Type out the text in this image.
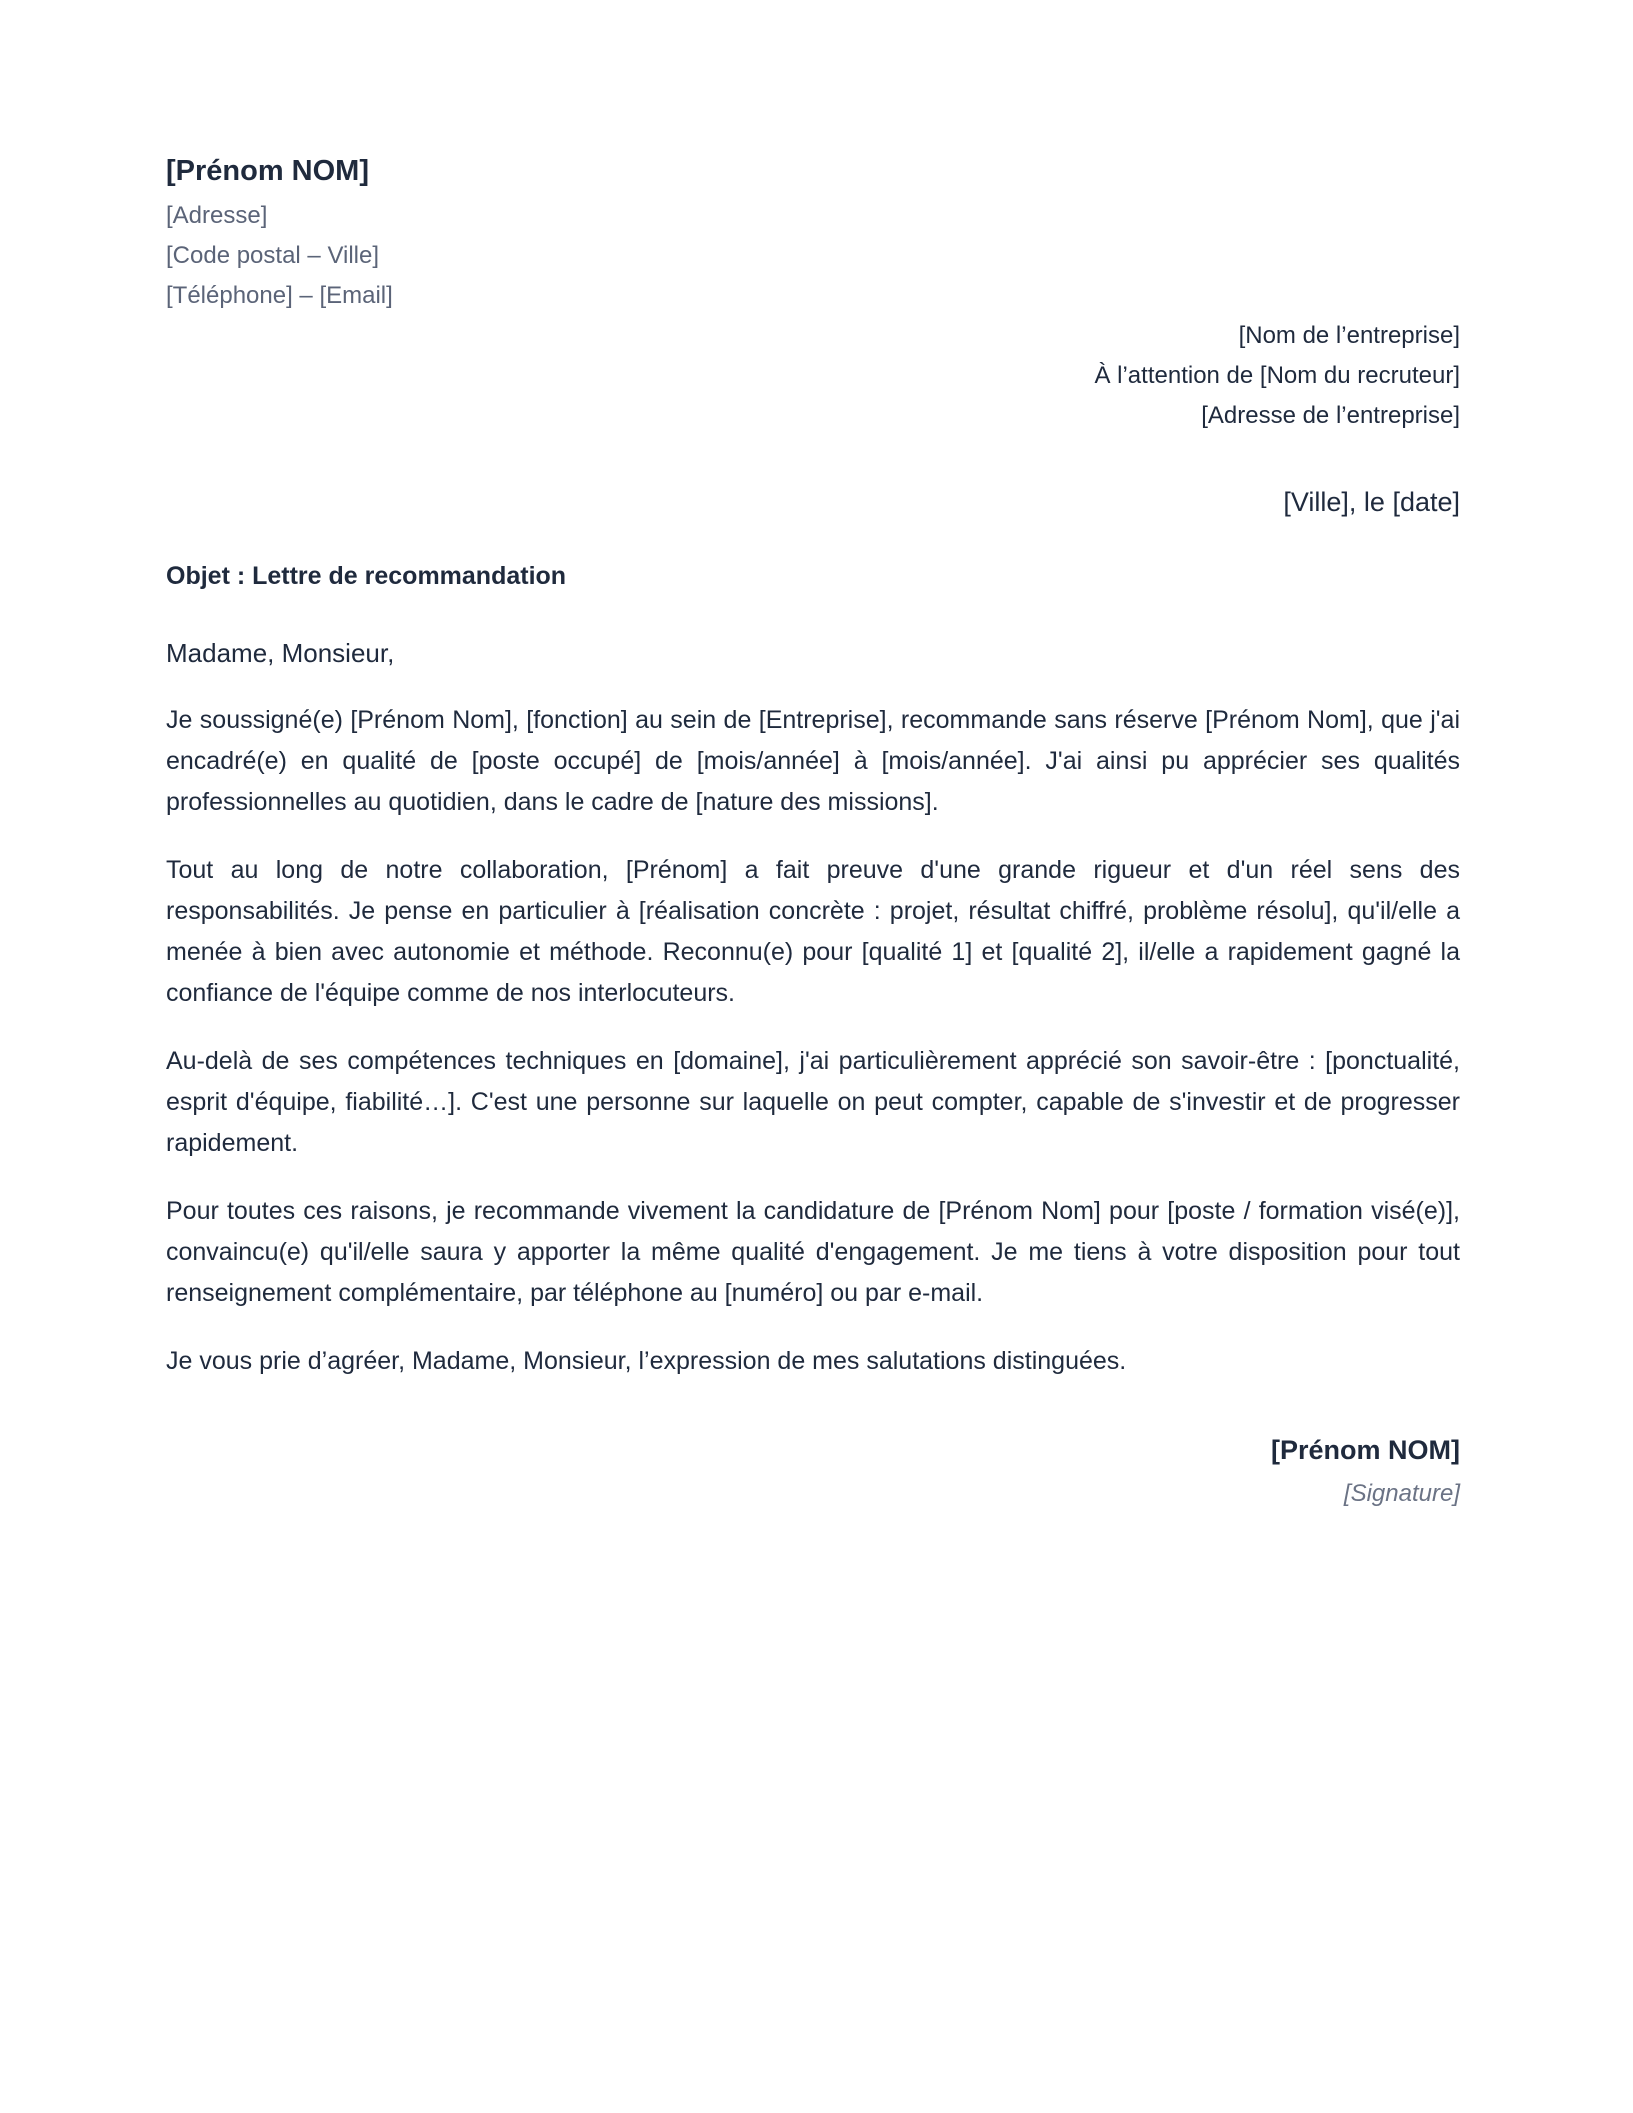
[Prénom NOM]
[Adresse]
[Code postal – Ville]
[Téléphone] – [Email]
[Nom de l’entreprise]
À l’attention de [Nom du recruteur]
[Adresse de l’entreprise]
[Ville], le [date]
Objet : Lettre de recommandation
Madame, Monsieur,

Je soussigné(e) [Prénom Nom], [fonction] au sein de [Entreprise], recommande sans réserve [Prénom Nom], que j'ai encadré(e) en qualité de [poste occupé] de [mois/année] à [mois/année]. J'ai ainsi pu apprécier ses qualités professionnelles au quotidien, dans le cadre de [nature des missions].

Tout au long de notre collaboration, [Prénom] a fait preuve d'une grande rigueur et d'un réel sens des responsabilités. Je pense en particulier à [réalisation concrète : projet, résultat chiffré, problème résolu], qu'il/elle a menée à bien avec autonomie et méthode. Reconnu(e) pour [qualité 1] et [qualité 2], il/elle a rapidement gagné la confiance de l'équipe comme de nos interlocuteurs.

Au-delà de ses compétences techniques en [domaine], j'ai particulièrement apprécié son savoir-être : [ponctualité, esprit d'équipe, fiabilité…]. C'est une personne sur laquelle on peut compter, capable de s'investir et de progresser rapidement.

Pour toutes ces raisons, je recommande vivement la candidature de [Prénom Nom] pour [poste / formation visé(e)], convaincu(e) qu'il/elle saura y apporter la même qualité d'engagement. Je me tiens à votre disposition pour tout renseignement complémentaire, par téléphone au [numéro] ou par e-mail.

Je vous prie d’agréer, Madame, Monsieur, l’expression de mes salutations distinguées.
[Prénom NOM]
[Signature]
